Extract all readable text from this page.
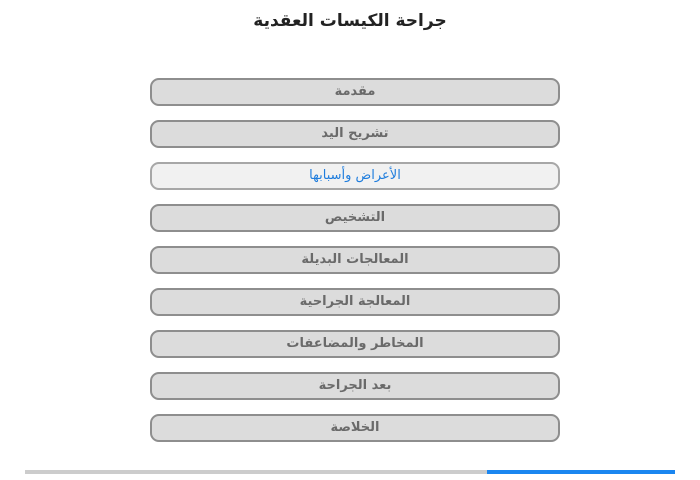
جراحة الكيسات العقدية
مقدمة
تشريح اليد
الأعراض وأسبابها
التشخيص
المعالجات البديلة
المعالجة الجراحية
المخاطر والمضاعفات
بعد الجراحة
الخلاصة
